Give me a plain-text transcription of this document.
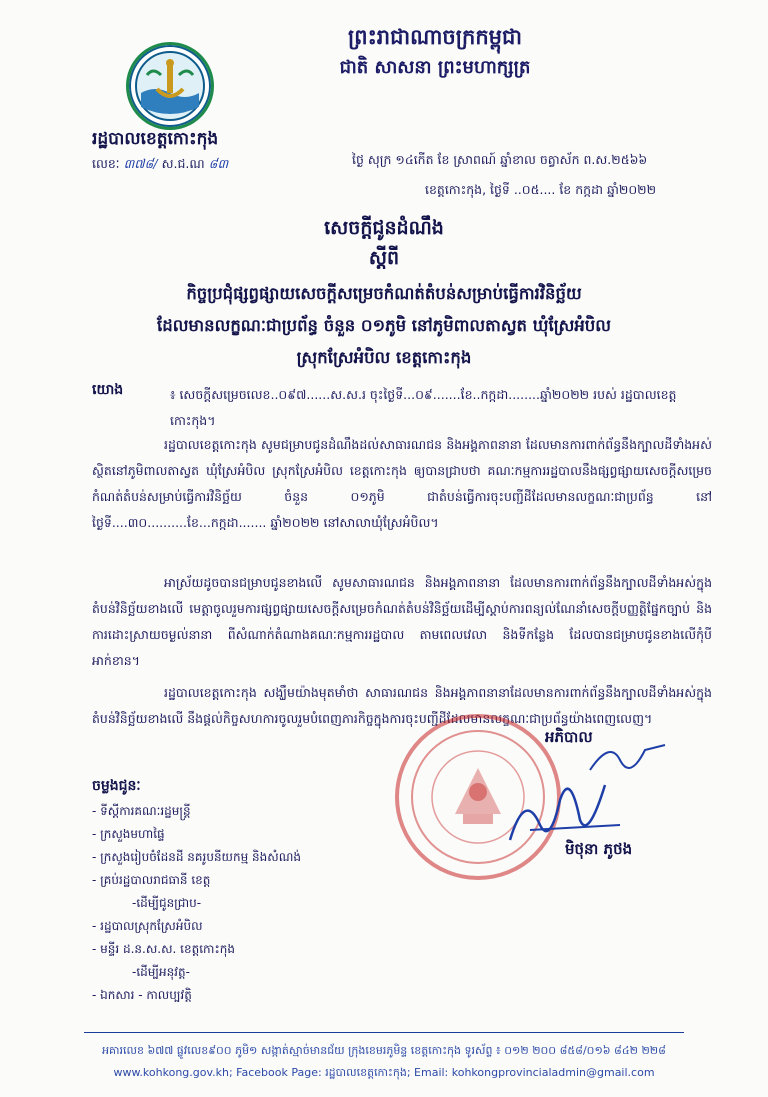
ព្រះរាជាណាចក្រកម្ពុជា
ជាតិ សាសនា ព្រះមហាក្សត្រ
រដ្ឋបាលខេត្តកោះកុង
លេខៈ ៣៧៨/ ស.ជ.ណ ៨៣	ថ្ងៃ សុក្រ ១៤កើត ខែ ស្រាពណ៍ ឆ្នាំខាល ចត្វាស័ក ព.ស.២៥៦៦
ខេត្តកោះកុង, ថ្ងៃទី ..០៥.... ខែ កក្កដា ឆ្នាំ២០២២
សេចក្តីជូនដំណឹង
ស្តីពី
កិច្ចប្រជុំផ្សព្វផ្សាយសេចក្តីសម្រេចកំណត់តំបន់សម្រាប់ធ្វើការវិនិច្ឆ័យ
ដែលមានលក្ខណៈជាប្រព័ន្ធ ចំនួន ០១ភូមិ នៅភូមិពាលតាស្វត ឃុំស្រែអំបិល
ស្រុកស្រែអំបិល ខេត្តកោះកុង
យោង	៖ សេចក្តីសម្រេចលេខ..០៩៧......ស.ស.រ ចុះថ្ងៃទី...០៩.......ខែ..កក្កដា........ឆ្នាំ២០២២ របស់ រដ្ឋបាលខេត្តកោះកុង។
រដ្ឋបាលខេត្តកោះកុង សូមជម្រាបជូនដំណឹងដល់សាធារណជន និងអង្គភាពនានា ដែលមានការពាក់ព័ន្ធនឹងក្បាលដីទាំងអស់ ស្ថិតនៅភូមិពាលតាស្វត ឃុំស្រែអំបិល ស្រុកស្រែអំបិល ខេត្តកោះកុង ឲ្យបានជ្រាបថា គណៈកម្មការរដ្ឋបាលនឹងផ្សព្វផ្សាយសេចក្តីសម្រេចកំណត់តំបន់សម្រាប់ធ្វើការវិនិច្ឆ័យ ចំនួន ០១ភូមិ ជាតំបន់ធ្វើការចុះបញ្ជីដីដែលមានលក្ខណៈជាប្រព័ន្ធ នៅថ្ងៃទី....៣០..........ខែ...កក្កដា....... ឆ្នាំ២០២២ នៅសាលាឃុំស្រែអំបិល។
អាស្រ័យដូចបានជម្រាបជូនខាងលើ សូមសាធារណជន និងអង្គភាពនានា ដែលមានការពាក់ព័ន្ធនឹងក្បាលដីទាំងអស់ក្នុងតំបន់វិនិច្ឆ័យខាងលើ មេត្តាចូលរួមការផ្សព្វផ្សាយសេចក្តីសម្រេចកំណត់តំបន់វិនិច្ឆ័យដើម្បីស្តាប់ការពន្យល់ណែនាំសេចក្តីបញ្ញត្តិផ្នែកច្បាប់ និងការដោះស្រាយចម្ងល់នានា ពីសំណាក់តំណាងគណៈកម្មការរដ្ឋបាល តាមពេលវេលា និងទីកន្លែង ដែលបានជម្រាបជូនខាងលើកុំបីអាក់ខាន។
រដ្ឋបាលខេត្តកោះកុង សង្ឃឹមយ៉ាងមុតមាំថា សាធារណជន និងអង្គភាពនានាដែលមានការពាក់ព័ន្ធនឹងក្បាលដីទាំងអស់ក្នុងតំបន់វិនិច្ឆ័យខាងលើ នឹងផ្តល់កិច្ចសហការចូលរួមបំពេញភារកិច្ចក្នុងការចុះបញ្ជីដីដែលមានលក្ខណៈជាប្រព័ន្ធយ៉ាងពេញលេញ។
អភិបាល
មិថុនា ភូថង
ចម្លងជូនៈ
- ទីស្តីការគណៈរដ្ឋមន្ត្រី
- ក្រសួងមហាផ្ទៃ
- ក្រសួងរៀបចំដែនដី នគរូបនីយកម្ម និងសំណង់
- គ្រប់រដ្ឋបាលរាជធានី ខេត្ត
-ដើម្បីជូនជ្រាប-
- រដ្ឋបាលស្រុកស្រែអំបិល
- មន្ទីរ ដ.ន.ស.ស. ខេត្តកោះកុង
-ដើម្បីអនុវត្ត-
- ឯកសារ - កាលប្បវត្តិ
អគារលេខ ៦៧៧ ផ្លូវលេខ៩០០ ភូមិ១ សង្កាត់ស្មាច់មានជ័យ ក្រុងខេមរភូមិន្ទ ខេត្តកោះកុង ទូរស័ព្ទ ៖ ០១២ ២០០ ៨៥៨/០១៦ ៨៤២ ២២៨
www.kohkong.gov.kh; Facebook Page: រដ្ឋបាលខេត្តកោះកុង; Email: kohkongprovincialadmin@gmail.com
